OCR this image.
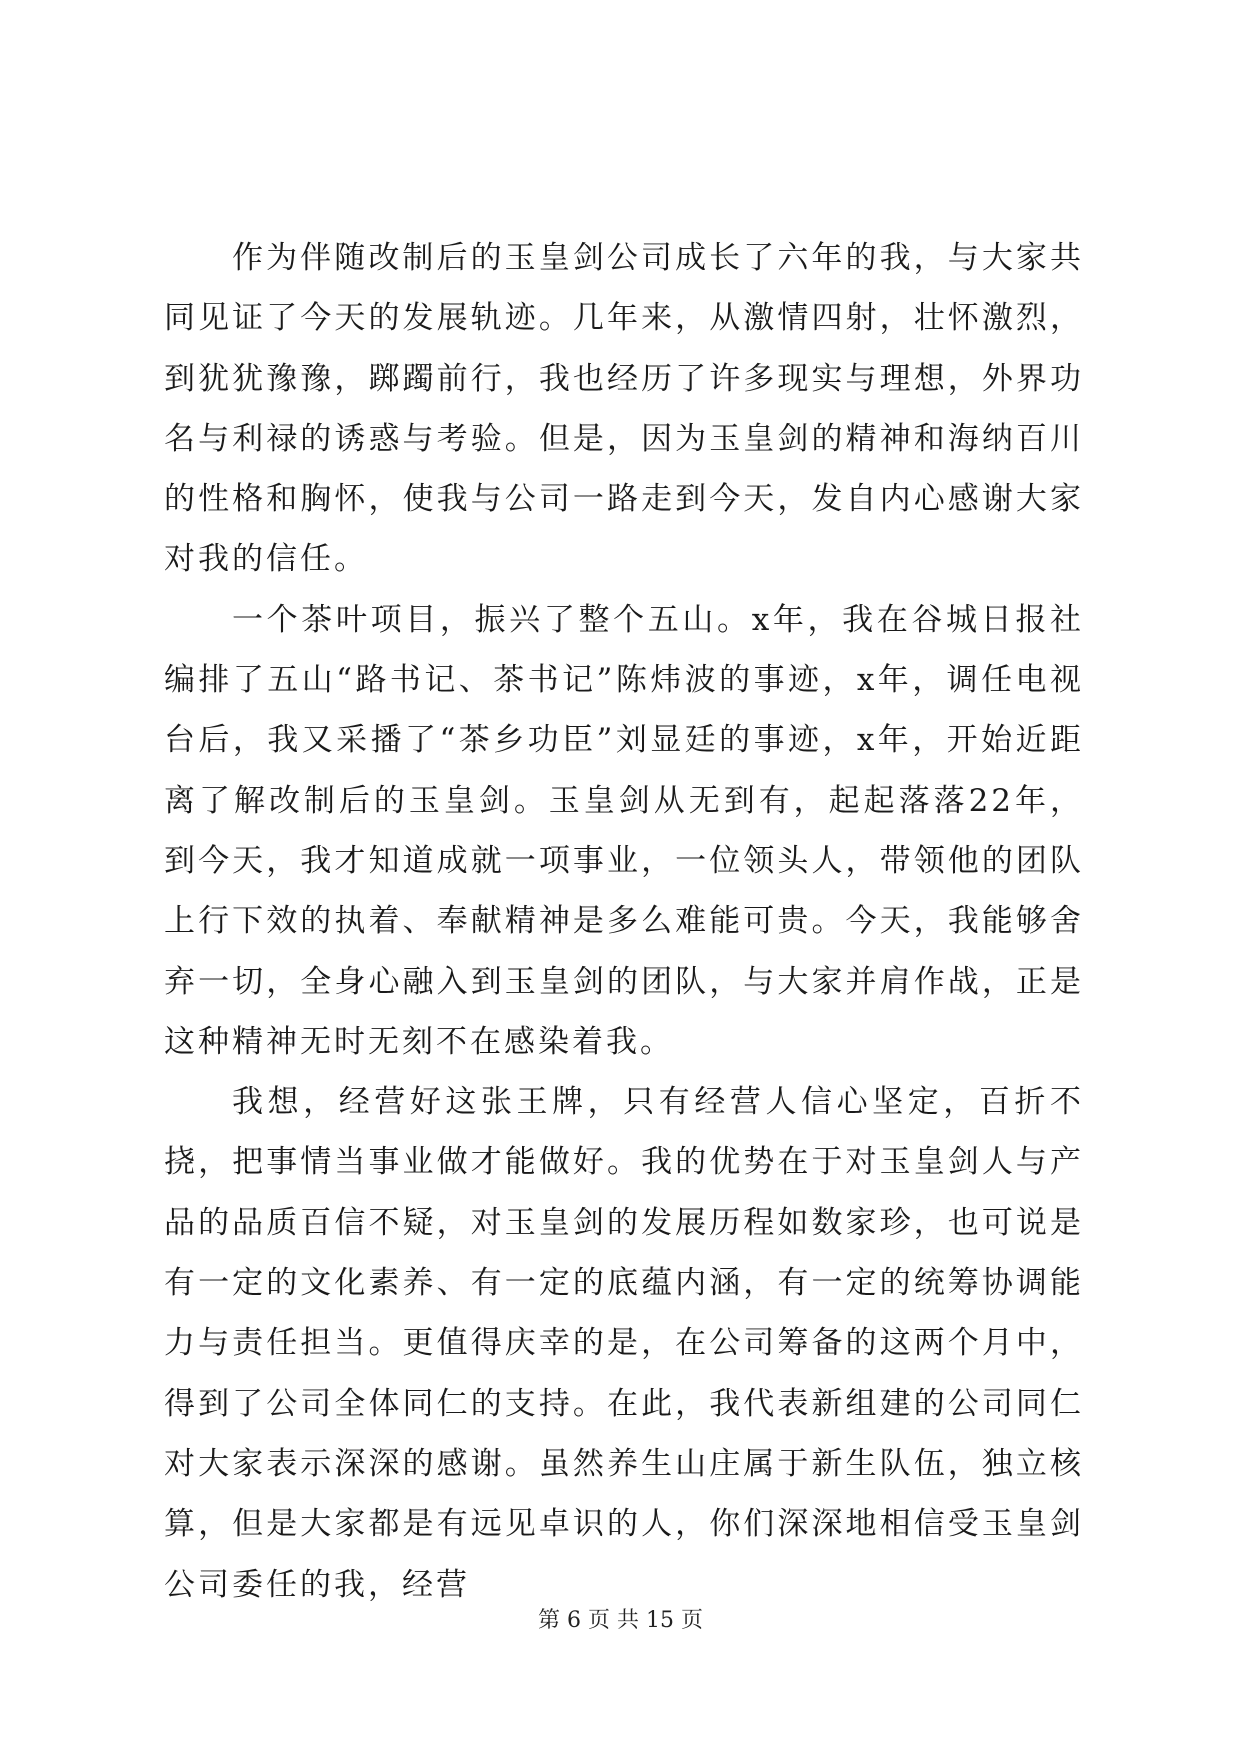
作为伴随改制后的玉皇剑公司成长了六年的我，与大家共同见证了今天的发展轨迹。几年来，从激情四射，壮怀激烈，到犹犹豫豫，踯躅前行，我也经历了许多现实与理想，外界功名与利禄的诱惑与考验。但是，因为玉皇剑的精神和海纳百川的性格和胸怀，使我与公司一路走到今天，发自内心感谢大家对我的信任。

一个茶叶项目，振兴了整个五山。x年，我在谷城日报社编排了五山“路书记、茶书记”陈炜波的事迹，x年，调任电视台后，我又采播了“茶乡功臣”刘显廷的事迹，x年，开始近距离了解改制后的玉皇剑。玉皇剑从无到有，起起落落22年，到今天，我才知道成就一项事业，一位领头人，带领他的团队上行下效的执着、奉献精神是多么难能可贵。今天，我能够舍弃一切，全身心融入到玉皇剑的团队，与大家并肩作战，正是这种精神无时无刻不在感染着我。

我想，经营好这张王牌，只有经营人信心坚定，百折不挠，把事情当事业做才能做好。我的优势在于对玉皇剑人与产品的品质百信不疑，对玉皇剑的发展历程如数家珍，也可说是有一定的文化素养、有一定的底蕴内涵，有一定的统筹协调能力与责任担当。更值得庆幸的是，在公司筹备的这两个月中，得到了公司全体同仁的支持。在此，我代表新组建的公司同仁对大家表示深深的感谢。虽然养生山庄属于新生队伍，独立核算，但是大家都是有远见卓识的人，你们深深地相信受玉皇剑公司委任的我，经营

第 6 页 共 15 页
